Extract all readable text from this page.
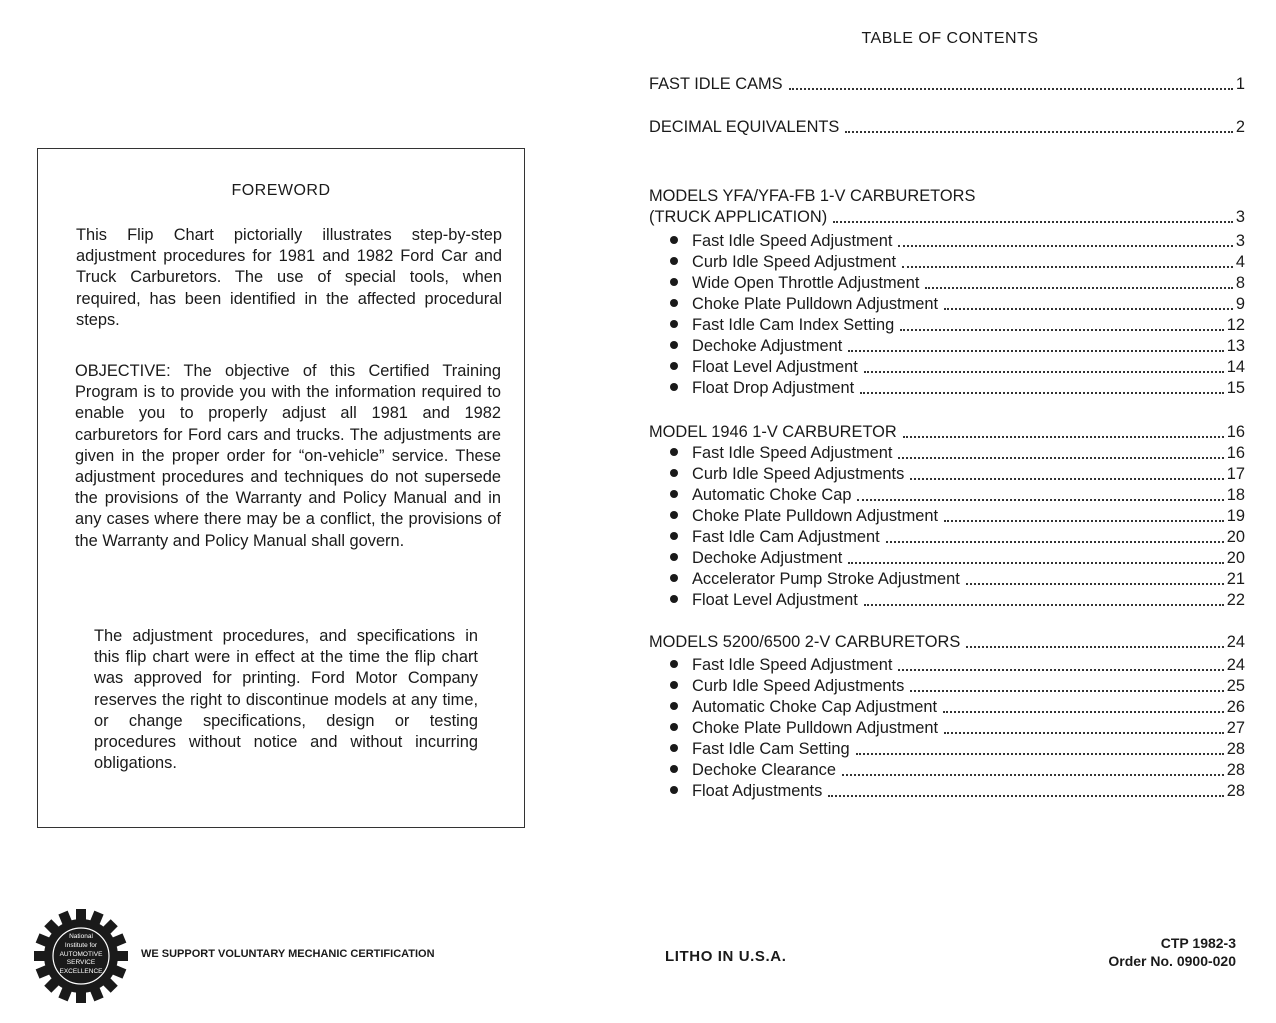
FOREWORD

This Flip Chart pictorially illustrates step-by-step adjustment procedures for 1981 and 1982 Ford Car and Truck Carburetors. The use of special tools, when required, has been identified in the affected procedural steps.

OBJECTIVE: The objective of this Certified Training Program is to provide you with the information required to enable you to properly adjust all 1981 and 1982 carburetors for Ford cars and trucks. The adjustments are given in the proper order for “on-vehicle” service. These adjustment procedures and techniques do not supersede the provisions of the Warranty and Policy Manual and in any cases where there may be a conflict, the provisions of the Warranty and Policy Manual shall govern.

The adjustment procedures, and specifications in this flip chart were in effect at the time the flip chart was approved for printing. Ford Motor Company reserves the right to discontinue models at any time, or change specifications, design or testing procedures without notice and without incurring obligations.

TABLE OF CONTENTS
FAST IDLE CAMS	1
DECIMAL EQUIVALENTS	2
MODELS YFA/YFA-FB 1-V CARBURETORS
(TRUCK APPLICATION)	3
Fast Idle Speed Adjustment	3
Curb Idle Speed Adjustment	4
Wide Open Throttle Adjustment	8
Choke Plate Pulldown Adjustment	9
Fast Idle Cam Index Setting	12
Dechoke Adjustment	13
Float Level Adjustment	14
Float Drop Adjustment	15
MODEL 1946 1-V CARBURETOR	16
Fast Idle Speed Adjustment	16
Curb Idle Speed Adjustments	17
Automatic Choke Cap	18
Choke Plate Pulldown Adjustment	19
Fast Idle Cam Adjustment	20
Dechoke Adjustment	20
Accelerator Pump Stroke Adjustment	21
Float Level Adjustment	22
MODELS 5200/6500 2-V CARBURETORS	24
Fast Idle Speed Adjustment	24
Curb Idle Speed Adjustments	25
Automatic Choke Cap Adjustment	26
Choke Plate Pulldown Adjustment	27
Fast Idle Cam Setting	28
Dechoke Clearance	28
Float Adjustments	28
National
Institute for
AUTOMOTIVE
SERVICE
EXCELLENCE
WE SUPPORT VOLUNTARY MECHANIC CERTIFICATION	LITHO IN U.S.A.
CTP 1982-3
Order No. 0900-020
